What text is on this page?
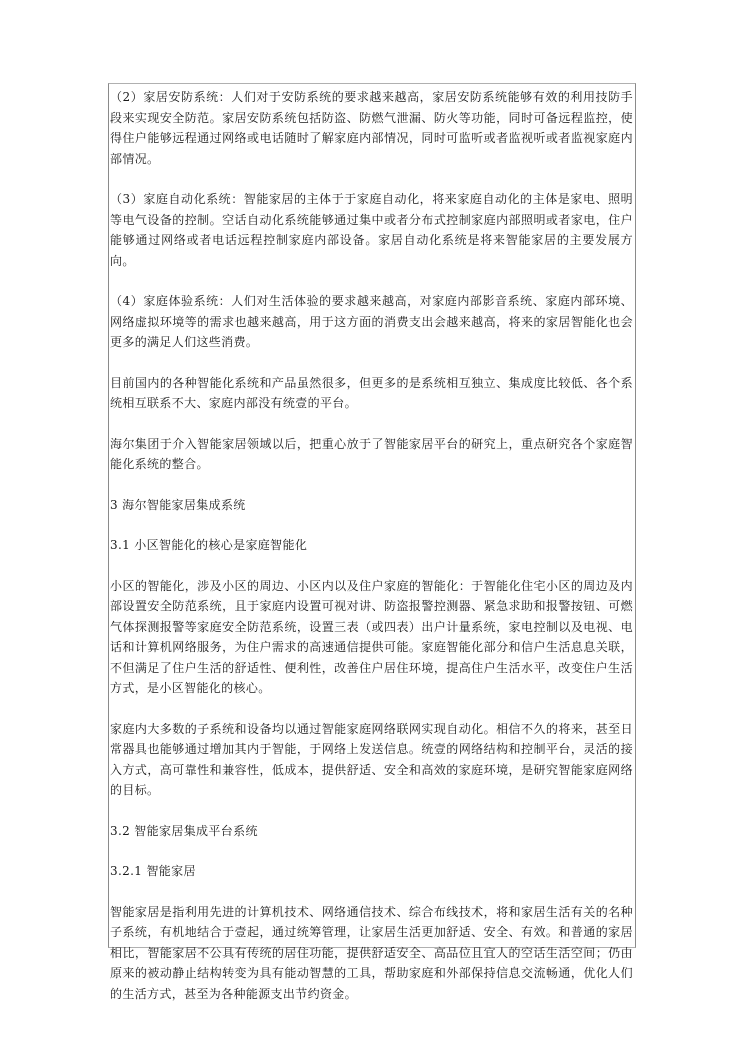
（2）家居安防系统：人们对于安防系统的要求越来越高，家居安防系统能够有效的利用技防手段来实现安全防范。家居安防系统包括防盗、防燃气泄漏、防火等功能，同时可备远程监控，使得住户能够远程通过网络或电话随时了解家庭内部情况，同时可监听或者监视听或者监视家庭内部情况。

（3）家庭自动化系统：智能家居的主体于于家庭自动化，将来家庭自动化的主体是家电、照明等电气设备的控制。空话自动化系统能够通过集中或者分布式控制家庭内部照明或者家电，住户能够通过网络或者电话远程控制家庭内部设备。家居自动化系统是将来智能家居的主要发展方向。

（4）家庭体验系统：人们对生活体验的要求越来越高，对家庭内部影音系统、家庭内部环境、网络虚拟环境等的需求也越来越高，用于这方面的消费支出会越来越高，将来的家居智能化也会更多的满足人们这些消费。

目前国内的各种智能化系统和产品虽然很多，但更多的是系统相互独立、集成度比较低、各个系统相互联系不大、家庭内部没有统壹的平台。

海尔集团于介入智能家居领域以后，把重心放于了智能家居平台的研究上，重点研究各个家庭智能化系统的整合。

3 海尔智能家居集成系统

3.1 小区智能化的核心是家庭智能化

小区的智能化，涉及小区的周边、小区内以及住户家庭的智能化：于智能化住宅小区的周边及内部设置安全防范系统，且于家庭内设置可视对讲、防盗报警控测器、紧急求助和报警按钮、可燃气体探测报警等家庭安全防范系统，设置三表（或四表）出户计量系统，家电控制以及电视、电话和计算机网络服务，为住户需求的高速通信提供可能。家庭智能化部分和信户生活息息关联，不但满足了住户生活的舒适性、便利性，改善住户居住环境，提高住户生活水平，改变住户生活方式，是小区智能化的核心。

家庭内大多数的子系统和设备均以通过智能家庭网络联网实现自动化。相信不久的将来，甚至日常器具也能够通过增加其内于智能，于网络上发送信息。统壹的网络结构和控制平台，灵活的接入方式，高可靠性和兼容性，低成本，提供舒适、安全和高效的家庭环境，是研究智能家庭网络的目标。

3.2 智能家居集成平台系统

3.2.1 智能家居

智能家居是指利用先进的计算机技术、网络通信技术、综合布线技术，将和家居生活有关的名种子系统，有机地结合于壹起，通过统筹管理，让家居生活更加舒适、安全、有效。和普通的家居相比，智能家居不公具有传统的居住功能，提供舒适安全、高品位且宜人的空话生活空间；仍由原来的被动静止结构转变为具有能动智慧的工具，帮助家庭和外部保持信息交流畅通，优化人们的生活方式，甚至为各种能源支出节约资金。
